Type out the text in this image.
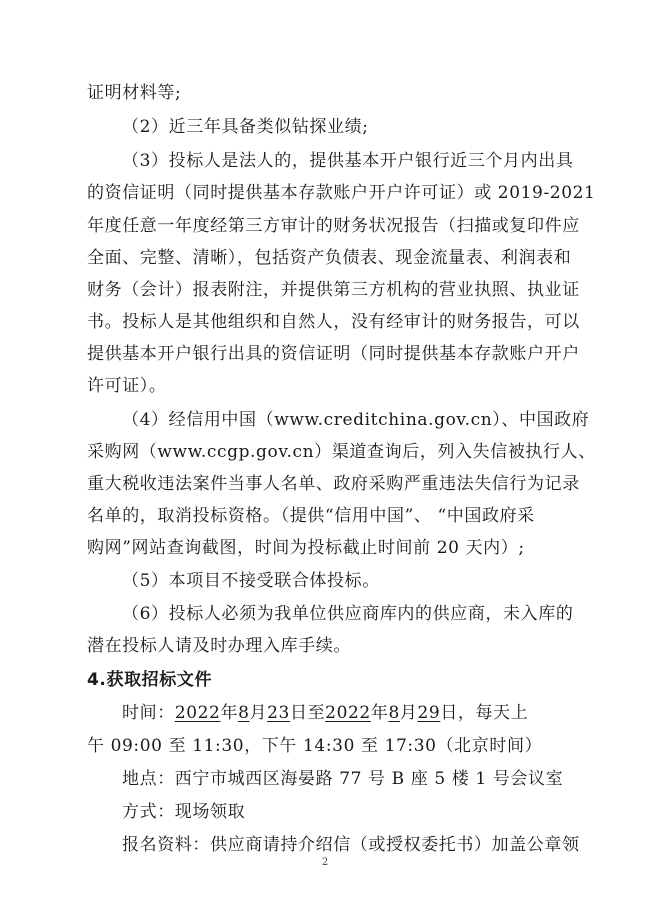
证明材料等;
（2）近三年具备类似钻探业绩;
（3）投标人是法人的，提供基本开户银行近三个月内出具
的资信证明（同时提供基本存款账户开户许可证）或 2019-2021
年度任意一年度经第三方审计的财务状况报告（扫描或复印件应
全面、完整、清晰），包括资产负债表、现金流量表、利润表和
财务（会计）报表附注，并提供第三方机构的营业执照、执业证
书。投标人是其他组织和自然人，没有经审计的财务报告，可以
提供基本开户银行出具的资信证明（同时提供基本存款账户开户
许可证）。
（4）经信用中国（www.creditchina.gov.cn）、中国政府
采购网（www.ccgp.gov.cn）渠道查询后，列入失信被执行人、
重大税收违法案件当事人名单、政府采购严重违法失信行为记录
名单的，取消投标资格。（提供“信用中国”、 “中国政府采
购网”网站查询截图，时间为投标截止时间前 20 天内）;
（5）本项目不接受联合体投标。
（6）投标人必须为我单位供应商库内的供应商，未入库的
潜在投标人请及时办理入库手续。
4.获取招标文件
时间：2022年8月23日至2022年8月29日，每天上
午 09:00 至 11:30，下午 14:30 至 17:30（北京时间）
地点：西宁市城西区海晏路 77 号 B 座 5 楼 1 号会议室
方式：现场领取
报名资料：供应商请持介绍信（或授权委托书）加盖公章领
2
